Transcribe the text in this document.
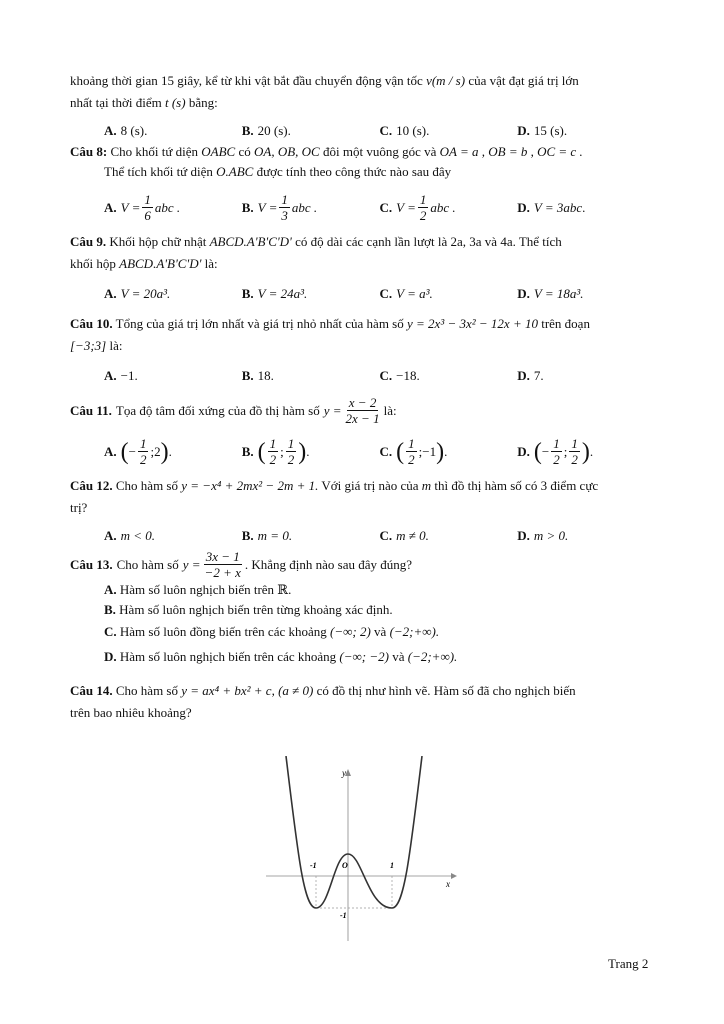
khoảng thời gian 15 giây, kể từ khi vật bắt đầu chuyển động vận tốc v(m / s) của vật đạt giá trị lớn
nhất tại thời điểm t (s) bằng:

A. 8 (s).	B. 20 (s).	C. 10 (s).	D. 15 (s).

Câu 8: Cho khối tứ diện OABC có OA, OB, OC đôi một vuông góc và OA = a , OB = b , OC = c .
Thể tích khối tứ diện O.ABC được tính theo công thức nào sau đây

A. $V = \frac{1}{6}$ abc .	B. $V = \frac{1}{3}$ abc .	C. $V = \frac{1}{2}$ abc .	D. V = 3abc .

Câu 9. Khối hộp chữ nhật ABCD.A'B'C'D' có độ dài các cạnh lần lượt là 2a, 3a và 4a. Thể tích
khối hộp ABCD.A'B'C'D' là:

A. V = 20a³.	B. V = 24a³.	C. V = a³.	D. V = 18a³.

Câu 10. Tổng của giá trị lớn nhất và giá trị nhỏ nhất của hàm số y = 2x³ − 3x² − 12x + 10 trên đoạn
[−3;3] là:

A. −1.	B. 18.	C. −18.	D. 7.

Câu 11. Tọa độ tâm đối xứng của đồ thị hàm số $y = \frac{x - 2}{2x - 1}$ là:

A. ( − $\frac{1}{2}$ ; 2 ) .	B. ( 1
2
; 1
2 ) .	C. ( 1
2
; −1 ) .	D. ( − $\frac{1}{2}$ ; 1
2 ) .

Câu 12. Cho hàm số y = −x⁴ + 2mx² − 2m + 1. Với giá trị nào của m thì đồ thị hàm số có 3 điểm cực
trị?

A. m < 0.	B. m = 0.	C. m ≠ 0.	D. m > 0.

Câu 13. Cho hàm số $y = \frac{3x - 1}{-2 + x}$ . Khẳng định nào sau đây đúng?

A. Hàm số luôn nghịch biến trên ℝ.

B. Hàm số luôn nghịch biến trên từng khoảng xác định.

C. Hàm số luôn đồng biến trên các khoảng (−∞; 2) và (−2;+∞).

D. Hàm số luôn nghịch biến trên các khoảng (−∞; −2) và (−2;+∞).

Câu 14. Cho hàm số y = ax⁴ + bx² + c, (a ≠ 0) có đồ thị như hình vẽ. Hàm số đã cho nghịch biến
trên bao nhiêu khoảng?

y
x
O
-1	1
-1
Trang 2
